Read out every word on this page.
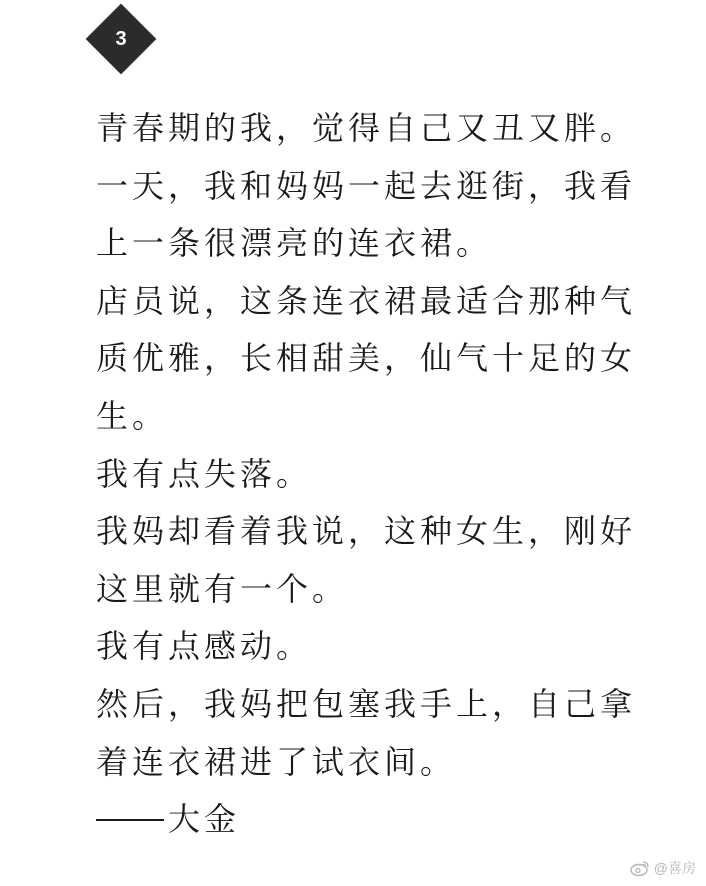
3
青春期的我，觉得自己又丑又胖。
一天，我和妈妈一起去逛街，我看
上一条很漂亮的连衣裙。
店员说，这条连衣裙最适合那种气
质优雅，长相甜美，仙气十足的女
生。
我有点失落。
我妈却看着我说，这种女生，刚好
这里就有一个。
我有点感动。
然后，我妈把包塞我手上，自己拿
着连衣裙进了试衣间。
大金
@喜房
